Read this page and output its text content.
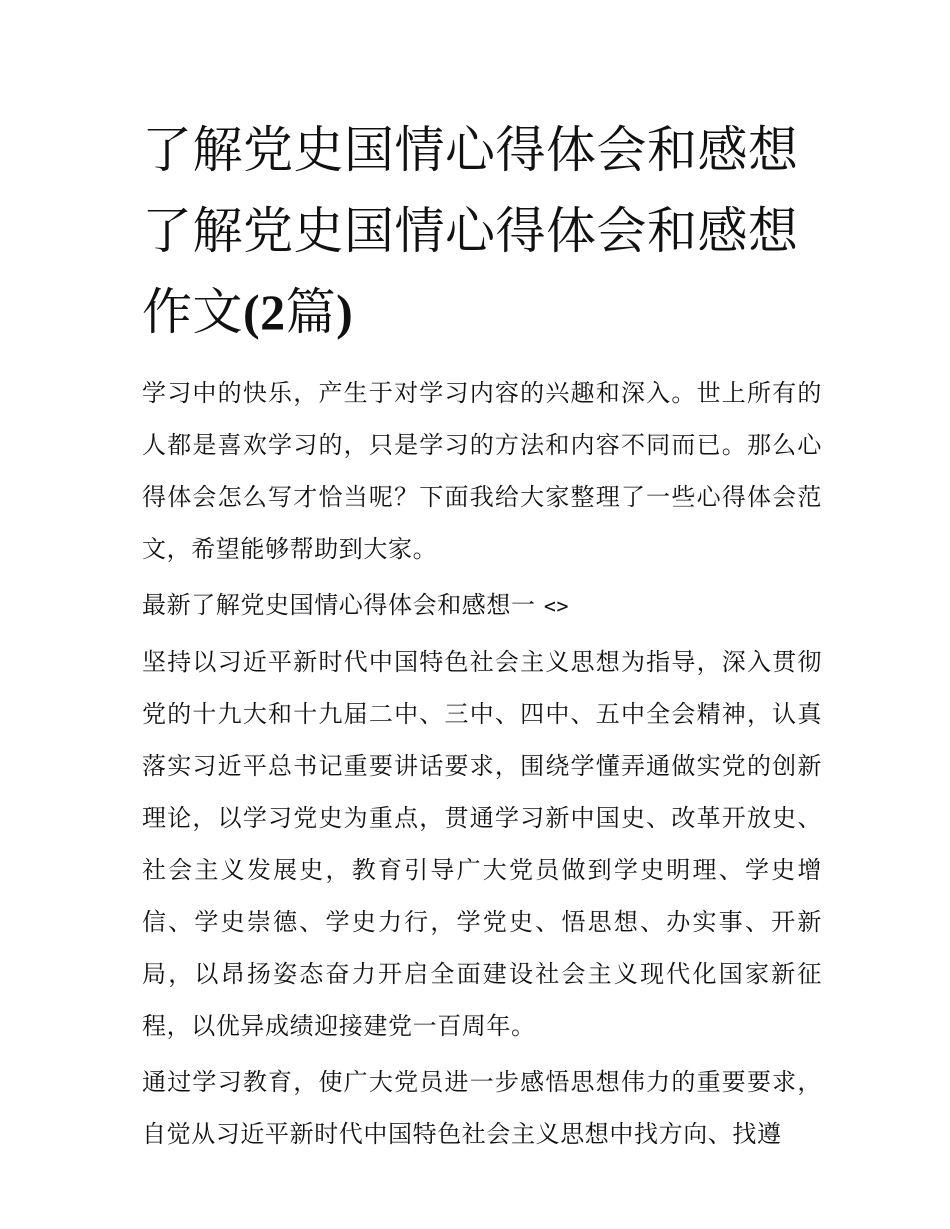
了解党史国情心得体会和感想
了解党史国情心得体会和感想
作文(2篇)

学习中的快乐，产生于对学习内容的兴趣和深入。世上所有的人都是喜欢学习的，只是学习的方法和内容不同而已。那么心得体会怎么写才恰当呢？下面我给大家整理了一些心得体会范文，希望能够帮助到大家。

最新了解党史国情心得体会和感想一 <>

坚持以习近平新时代中国特色社会主义思想为指导，深入贯彻党的十九大和十九届二中、三中、四中、五中全会精神，认真落实习近平总书记重要讲话要求，围绕学懂弄通做实党的创新理论，以学习党史为重点，贯通学习新中国史、改革开放史、社会主义发展史，教育引导广大党员做到学史明理、学史增信、学史崇德、学史力行，学党史、悟思想、办实事、开新局，以昂扬姿态奋力开启全面建设社会主义现代化国家新征程，以优异成绩迎接建党一百周年。

通过学习教育，使广大党员进一步感悟思想伟力的重要要求，自觉从习近平新时代中国特色社会主义思想中找方向、找遵
